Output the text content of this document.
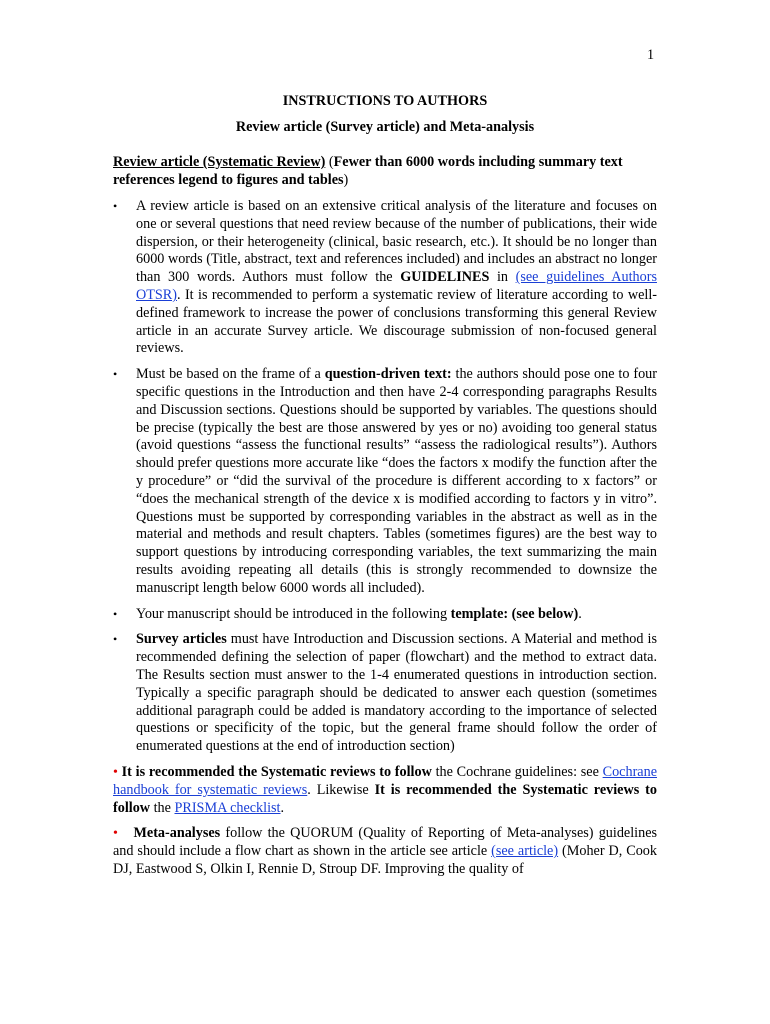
1
INSTRUCTIONS TO AUTHORS
Review article (Survey article) and Meta-analysis
Review article (Systematic Review) (Fewer than 6000 words including summary text references legend to figures and tables)
• A review article is based on an extensive critical analysis of the literature and focuses on one or several questions that need review because of the number of publications, their wide dispersion, or their heterogeneity (clinical, basic research, etc.). It should be no longer than 6000 words (Title, abstract, text and references included) and includes an abstract no longer than 300 words. Authors must follow the GUIDELINES in (see guidelines Authors OTSR). It is recommended to perform a systematic review of literature according to well-defined framework to increase the power of conclusions transforming this general Review article in an accurate Survey article. We discourage submission of non-focused general reviews.
• Must be based on the frame of a question-driven text: the authors should pose one to four specific questions in the Introduction and then have 2-4 corresponding paragraphs Results and Discussion sections. Questions should be supported by variables. The questions should be precise (typically the best are those answered by yes or no) avoiding too general status (avoid questions “assess the functional results” “assess the radiological results”). Authors should prefer questions more accurate like “does the factors x modify the function after the y procedure” or “did the survival of the procedure is different according to x factors” or “does the mechanical strength of the device x is modified according to factors y in vitro”. Questions must be supported by corresponding variables in the abstract as well as in the material and methods and result chapters. Tables (sometimes figures) are the best way to support questions by introducing corresponding variables, the text summarizing the main results avoiding repeating all details (this is strongly recommended to downsize the manuscript length below 6000 words all included).
• Your manuscript should be introduced in the following template: (see below).
• Survey articles must have Introduction and Discussion sections. A Material and method is recommended defining the selection of paper (flowchart) and the method to extract data. The Results section must answer to the 1-4 enumerated questions in introduction section. Typically a specific paragraph should be dedicated to answer each question (sometimes additional paragraph could be added is mandatory according to the importance of selected questions or specificity of the topic, but the general frame should follow the order of enumerated questions at the end of introduction section)
• It is recommended the Systematic reviews to follow the Cochrane guidelines: see Cochrane handbook for systematic reviews. Likewise It is recommended the Systematic reviews to follow the PRISMA checklist.
• Meta-analyses follow the QUORUM (Quality of Reporting of Meta-analyses) guidelines and should include a flow chart as shown in the article see article (see article) (Moher D, Cook DJ, Eastwood S, Olkin I, Rennie D, Stroup DF. Improving the quality of
